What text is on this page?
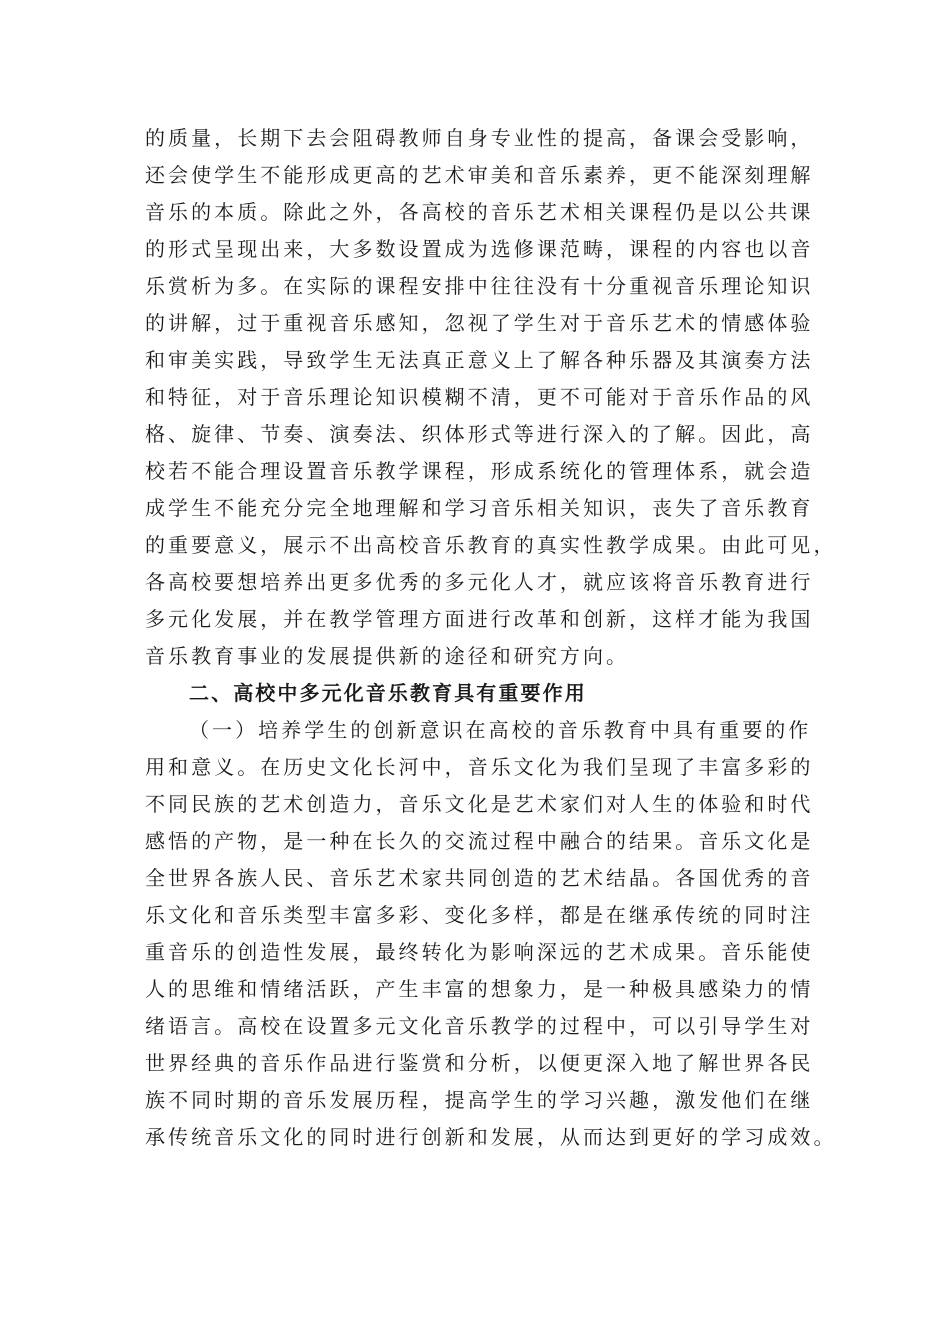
的质量，长期下去会阻碍教师自身专业性的提高，备课会受影响，
还会使学生不能形成更高的艺术审美和音乐素养，更不能深刻理解
音乐的本质。除此之外，各高校的音乐艺术相关课程仍是以公共课
的形式呈现出来，大多数设置成为选修课范畴，课程的内容也以音
乐赏析为多。在实际的课程安排中往往没有十分重视音乐理论知识
的讲解，过于重视音乐感知，忽视了学生对于音乐艺术的情感体验
和审美实践，导致学生无法真正意义上了解各种乐器及其演奏方法
和特征，对于音乐理论知识模糊不清，更不可能对于音乐作品的风
格、旋律、节奏、演奏法、织体形式等进行深入的了解。因此，高
校若不能合理设置音乐教学课程，形成系统化的管理体系，就会造
成学生不能充分完全地理解和学习音乐相关知识，丧失了音乐教育
的重要意义，展示不出高校音乐教育的真实性教学成果。由此可见，
各高校要想培养出更多优秀的多元化人才，就应该将音乐教育进行
多元化发展，并在教学管理方面进行改革和创新，这样才能为我国
音乐教育事业的发展提供新的途径和研究方向。
二、高校中多元化音乐教育具有重要作用
（一）培养学生的创新意识在高校的音乐教育中具有重要的作
用和意义。在历史文化长河中，音乐文化为我们呈现了丰富多彩的
不同民族的艺术创造力，音乐文化是艺术家们对人生的体验和时代
感悟的产物，是一种在长久的交流过程中融合的结果。音乐文化是
全世界各族人民、音乐艺术家共同创造的艺术结晶。各国优秀的音
乐文化和音乐类型丰富多彩、变化多样，都是在继承传统的同时注
重音乐的创造性发展，最终转化为影响深远的艺术成果。音乐能使
人的思维和情绪活跃，产生丰富的想象力，是一种极具感染力的情
绪语言。高校在设置多元文化音乐教学的过程中，可以引导学生对
世界经典的音乐作品进行鉴赏和分析，以便更深入地了解世界各民
族不同时期的音乐发展历程，提高学生的学习兴趣，激发他们在继
承传统音乐文化的同时进行创新和发展，从而达到更好的学习成效。
